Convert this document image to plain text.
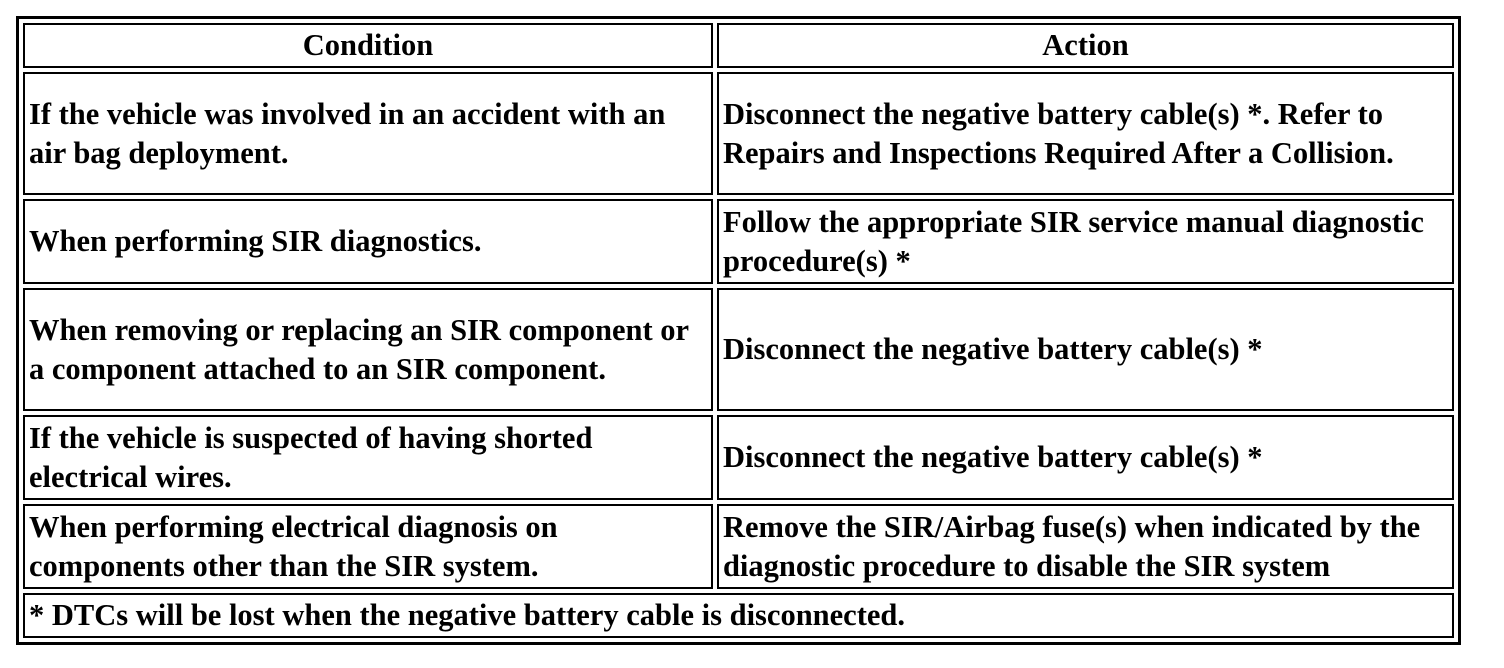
Condition	Action
If the vehicle was involved in an accident with an air bag deployment.	Disconnect the negative battery cable(s) *. Refer to Repairs and Inspections Required After a Collision.
When performing SIR diagnostics.	Follow the appropriate SIR service manual diagnostic procedure(s) *
When removing or replacing an SIR component or a component attached to an SIR component.	Disconnect the negative battery cable(s) *
If the vehicle is suspected of having shorted electrical wires.	Disconnect the negative battery cable(s) *
When performing electrical diagnosis on components other than the SIR system.	Remove the SIR/Airbag fuse(s) when indicated by the diagnostic procedure to disable the SIR system
* DTCs will be lost when the negative battery cable is disconnected.	
